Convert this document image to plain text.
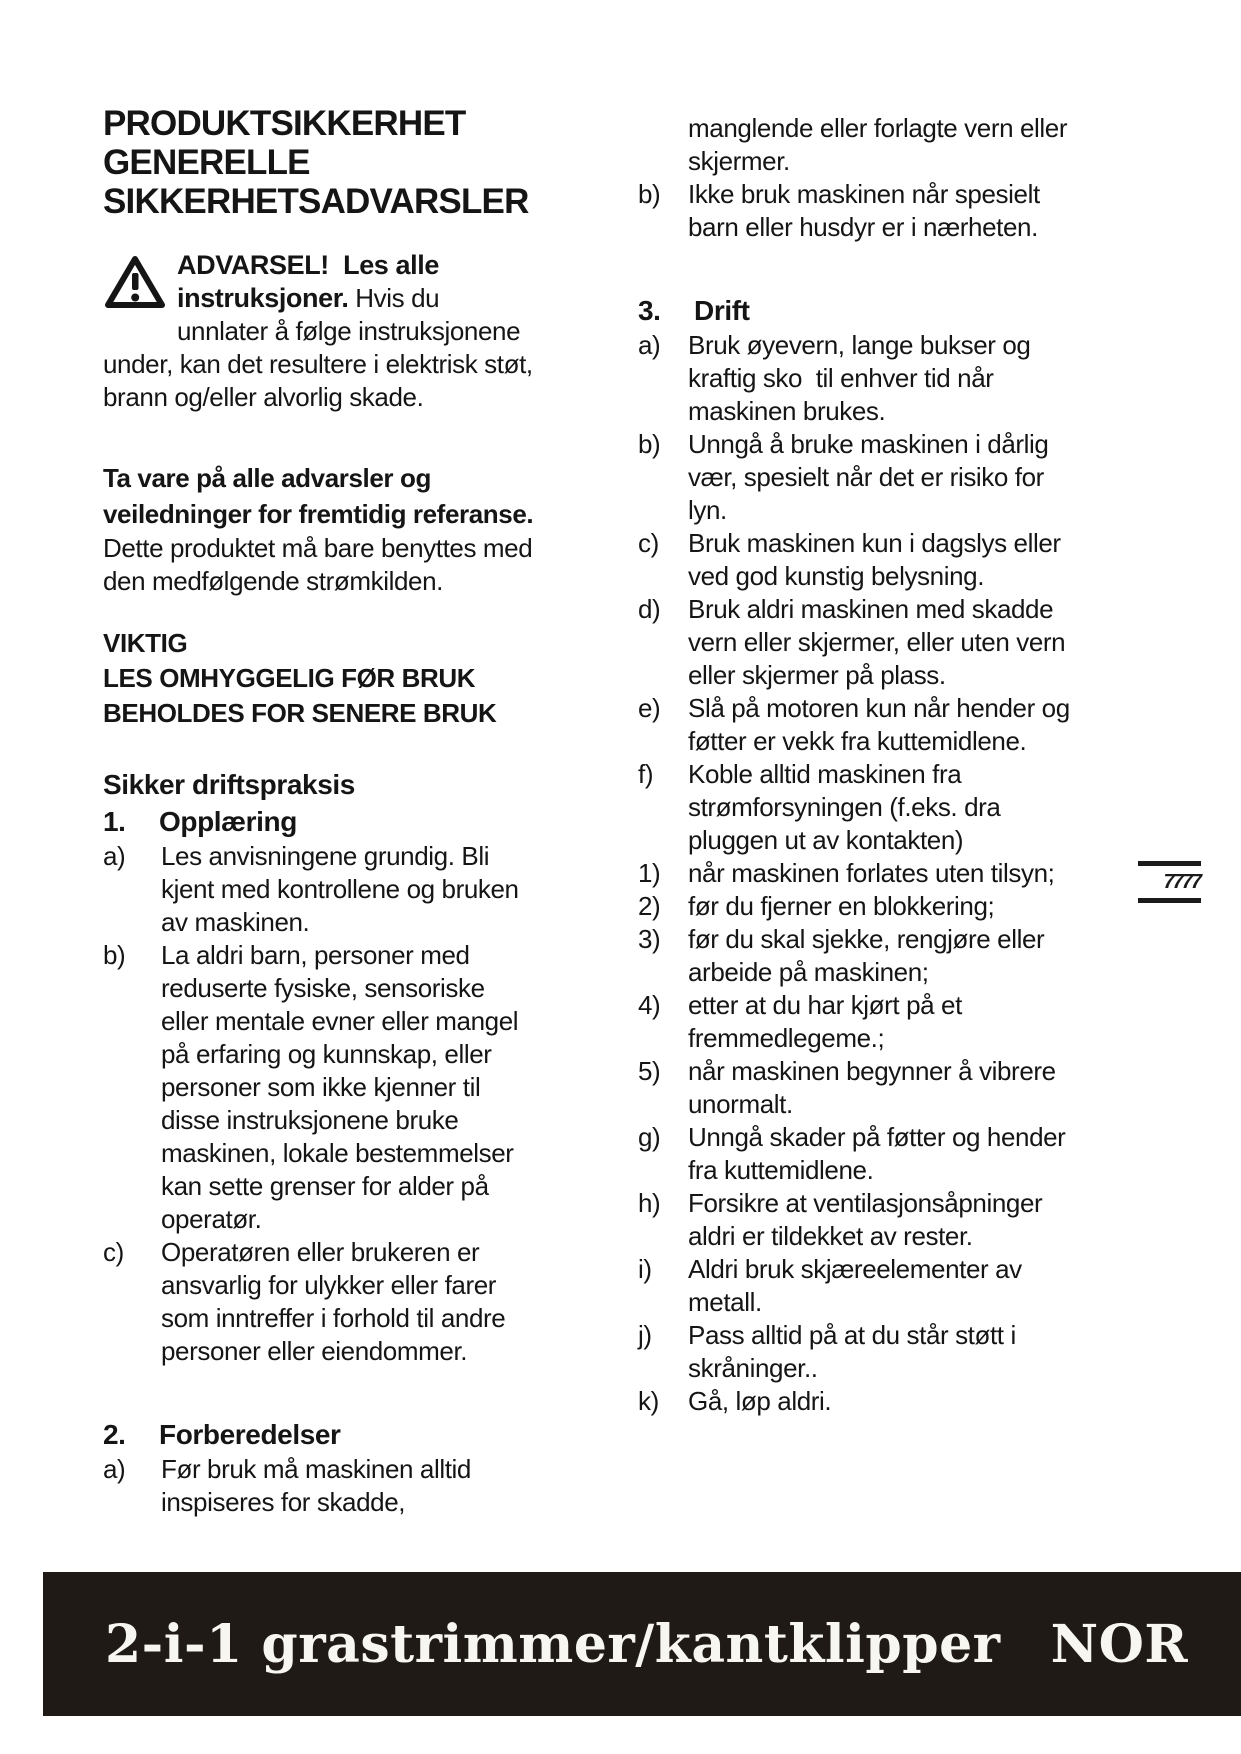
PRODUKTSIKKERHET
GENERELLE
SIKKERHETSADVARSLER
ADVARSEL!  Les alle instruksjoner. Hvis du unnlater å følge instruksjonene under, kan det resultere i elektrisk støt, brann og/eller alvorlig skade.
Ta vare på alle advarsler og veiledninger for fremtidig referanse.
Dette produktet må bare benyttes med den medfølgende strømkilden.
VIKTIG
LES OMHYGGELIG FØR BRUK
BEHOLDES FOR SENERE BRUK
Sikker driftspraksis
1.	Opplæring
a)	Les anvisningene grundig. Bli kjent med kontrollene og bruken av maskinen.
b)	La aldri barn, personer med reduserte fysiske, sensoriske eller mentale evner eller mangel på erfaring og kunnskap, eller personer som ikke kjenner til disse instruksjonene bruke maskinen, lokale bestemmelser kan sette grenser for alder på operatør.
c)	Operatøren eller brukeren er ansvarlig for ulykker eller farer som inntreffer i forhold til andre personer eller eiendommer.
2.	Forberedelser
a)	Før bruk må maskinen alltid inspiseres for skadde,
manglende eller forlagte vern eller skjermer.
b)	Ikke bruk maskinen når spesielt barn eller husdyr er i nærheten.
3.	Drift
a)	Bruk øyevern, lange bukser og kraftig sko  til enhver tid når maskinen brukes.
b)	Unngå å bruke maskinen i dårlig vær, spesielt når det er risiko for lyn.
c)	Bruk maskinen kun i dagslys eller ved god kunstig belysning.
d)	Bruk aldri maskinen med skadde vern eller skjermer, eller uten vern eller skjermer på plass.
e)	Slå på motoren kun når hender og føtter er vekk fra kuttemidlene.
f)	Koble alltid maskinen fra strømforsyningen (f.eks. dra pluggen ut av kontakten)
1)	når maskinen forlates uten tilsyn;
2)	før du fjerner en blokkering;
3)	før du skal sjekke, rengjøre eller arbeide på maskinen;
4)	etter at du har kjørt på et fremmedlegeme.;
5)	når maskinen begynner å vibrere unormalt.
g)	Unngå skader på føtter og hender fra kuttemidlene.
h)	Forsikre at ventilasjonsåpninger aldri er tildekket av rester.
i)	Aldri bruk skjæreelementer av metall.
j)	Pass alltid på at du står støtt i skråninger..
k)	Gå, løp aldri.
7777
2-i-1 grastrimmer/kantklipper NOR
